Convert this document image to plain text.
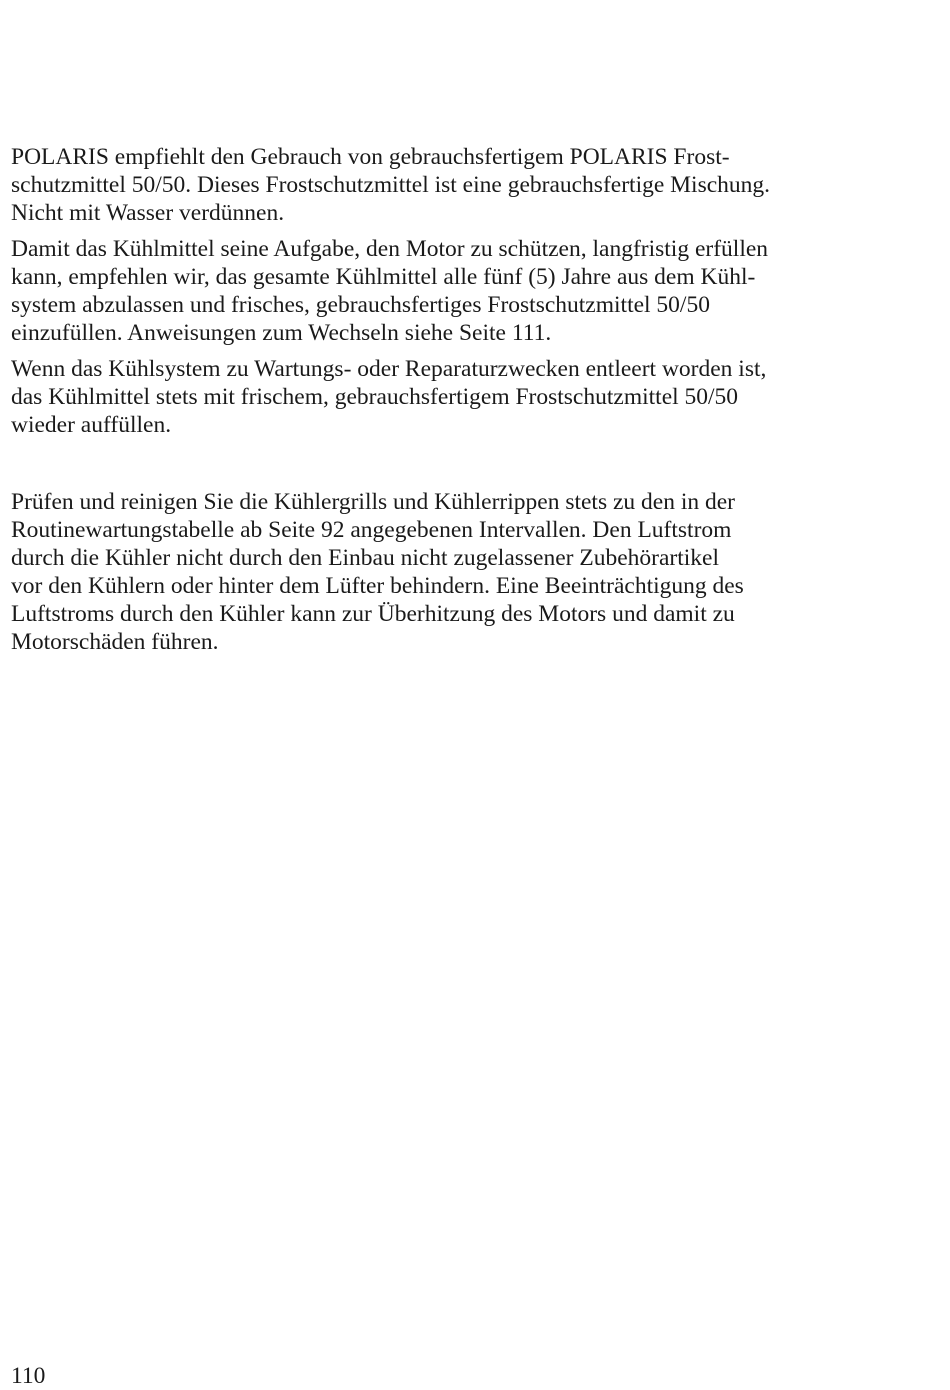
POLARIS empfiehlt den Gebrauch von gebrauchsfertigem POLARIS Frost-
schutzmittel 50/50. Dieses Frostschutzmittel ist eine gebrauchsfertige Mischung.
Nicht mit Wasser verdünnen.

Damit das Kühlmittel seine Aufgabe, den Motor zu schützen, langfristig erfüllen
kann, empfehlen wir, das gesamte Kühlmittel alle fünf (5) Jahre aus dem Kühl-
system abzulassen und frisches, gebrauchsfertiges Frostschutzmittel 50/50
einzufüllen. Anweisungen zum Wechseln siehe Seite 111.

Wenn das Kühlsystem zu Wartungs- oder Reparaturzwecken entleert worden ist,
das Kühlmittel stets mit frischem, gebrauchsfertigem Frostschutzmittel 50/50
wieder auffüllen.

Prüfen und reinigen Sie die Kühlergrills und Kühlerrippen stets zu den in der
Routinewartungstabelle ab Seite 92 angegebenen Intervallen. Den Luftstrom
durch die Kühler nicht durch den Einbau nicht zugelassener Zubehörartikel
vor den Kühlern oder hinter dem Lüfter behindern. Eine Beeinträchtigung des
Luftstroms durch den Kühler kann zur Überhitzung des Motors und damit zu
Motorschäden führen.

110
